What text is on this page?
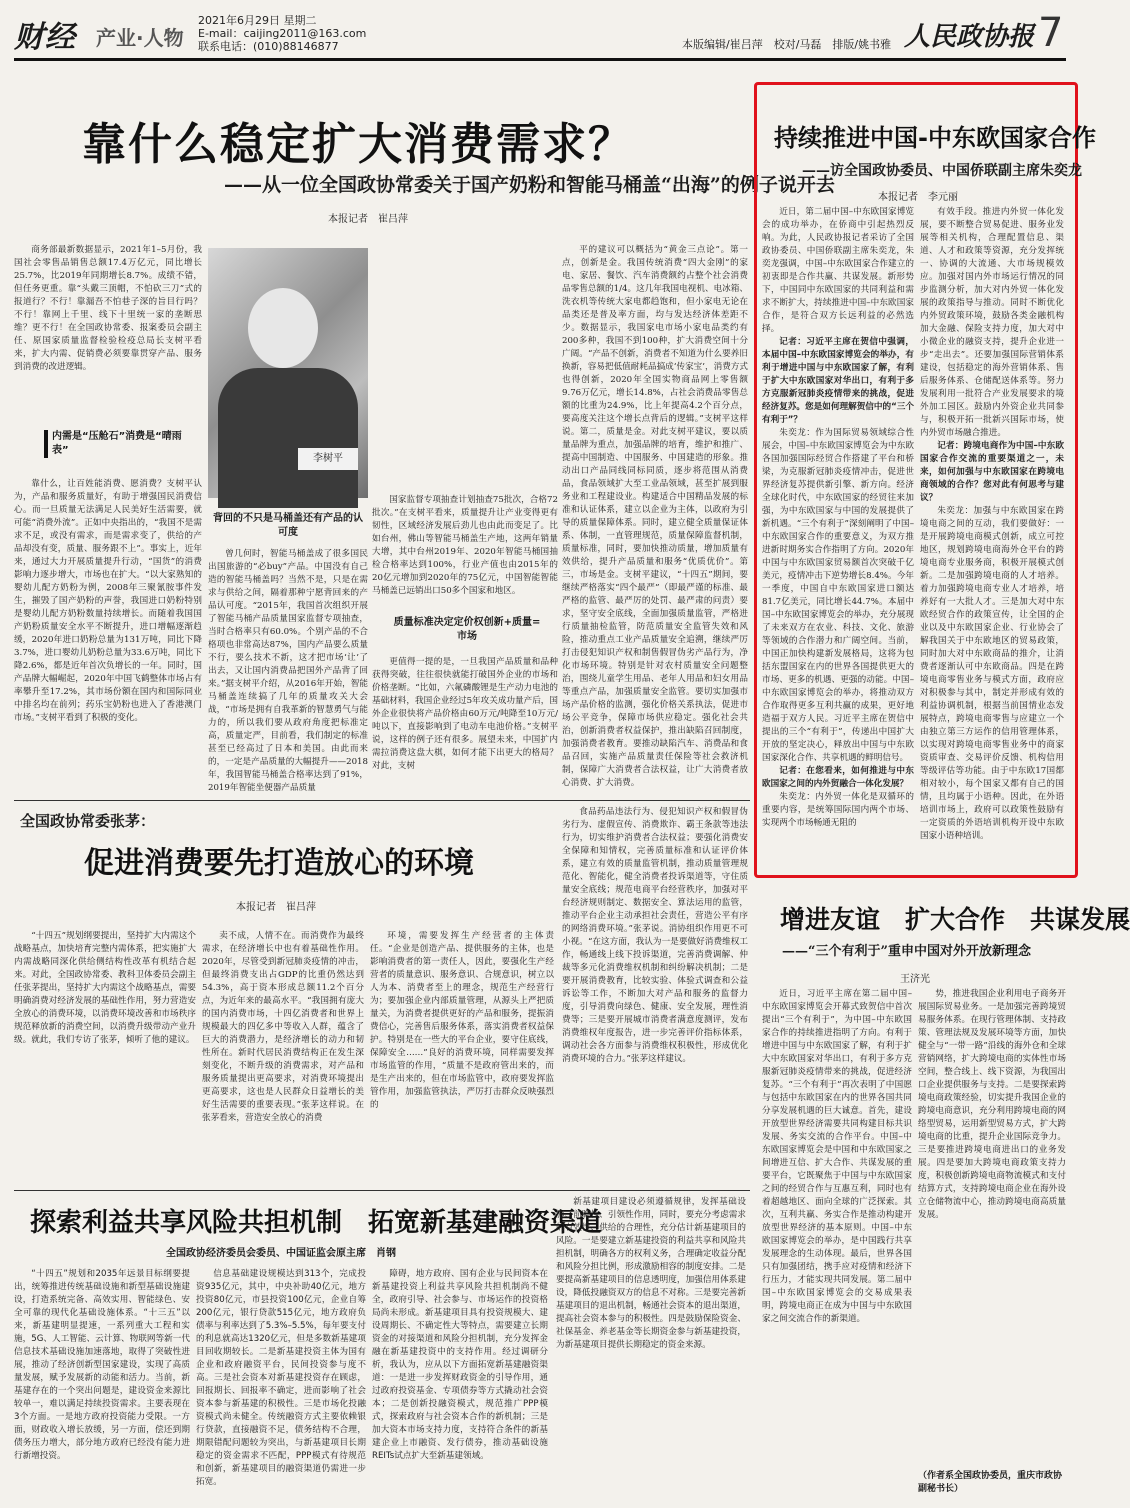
财经 产业·人物
2021年6月29日 星期二
E-mail：caijing2011@163.com
联系电话：(010)88146877	本版编辑/崔吕萍　校对/马磊　排版/姚书雅 人民政协报 7
靠什么稳定扩大消费需求？
——从一位全国政协常委关于国产奶粉和智能马桶盖“出海”的例子说开去
本报记者　崔吕萍

商务部最新数据显示，2021年1–5月份，我国社会零售品销售总额17.4万亿元，同比增长25.7%，比2019年同期增长8.7%。成绩不错，但任务更重。靠“头戴三顶帽，不怕砍三刀”式的报道行？不行！靠漏吾不怕巷子深的旨目行吗？不行！靠网上千里、线下十里统一家的垄断思维？更不行！在全国政协常委、报案委员会副主任、原国家质量监督检验检疫总局长支树平看来，扩大内需、促销费必须要靠贯穿产品、服务到消费的改进逻辑。

内需是“压舱石”消费是“晴雨表”

靠什么，让百姓能消费、愿消费？支树平认为，产品和服务质量好，有助于增强国民消费信心。而一旦质量无法满足人民美好生活需要，就可能“消费外流”。正如中央指出的，“我国不是需求不足，或没有需求，而是需求变了，供给的产品却没有变，质量、服务跟不上”。事实上，近年来，通过大力开展质量提升行动，“国货”的消费影响力逐步增大，市场也在扩大。“以大家熟知的婴幼儿配方奶粉为例，2008年三聚氰胺事件发生，摧毁了国产奶粉的声誉，我国进口奶粉特别是婴幼儿配方奶粉数量持续增长。而随着我国国产奶粉质量安全水平不断提升，进口增幅逐渐趋缓，2020年进口奶粉总量为131万吨，同比下降3.7%，进口婴幼儿奶粉总量为33.6万吨，同比下降2.6%，都是近年首次负增长的一年。同时，国产品牌大幅崛起，2020年中国飞鹤整体市场占有率攀升至17.2%，其市场份额在国内和国际同业中排名均在前列；药乐宝奶粉也进入了香港澳门市场。”支树平看到了积极的变化。

李树平
背回的不只是马桶盖还有产品的认可度

曾几何时，智能马桶盖成了很多国民出国旅游的“必buy”产品。中国没有自己造的智能马桶盖吗？当然不是，只是在需求与供给之间，隔着那种宁愿背回来的产品认可度。“2015年，我国首次组织开展了智能马桶产品质量国家监督专项抽查，当时合格率只有60.0%。个别产品的不合格项也非常高达87%，国内产品要么质量不行，要么技术不新，这才把市场‘让’了出去，又让国内消费品把国外产品背了回来。”据支树平介绍，从2016年开始，智能马桶盖连续搞了几年的质量攻关大会战，“市场是拥有自我革新的智慧勇气与能力的，所以我们要从政府角度把标准定高，质量定严，目前看，我们制定的标准甚至已经高过了日本和美国。由此而来的，一定是产品质量的大幅提升——2018年，我国智能马桶盖合格率达到了91%，2019年智能坐便器产品质量

国家监督专项抽查计划抽查75批次，合格72批次。”在支树平看来，质量提升让产业变得更有韧性，区域经济发展后劲儿也由此而变足了。比如台州，佛山等智能马桶盖生产地，这两年销量大增，其中台州2019年、2020年智能马桶国抽检合格率达到100%，行业产值也由2015年的20亿元增加到2020年的75亿元，中国智能智能马桶盖已远销出口50多个国家和地区。

质量标准决定定价权创新+质量=市场

更值得一提的是，一旦我国产品质量和品种获得突破，往往很快就能打破国外企业的市场和价格垄断。“比如，六氟磷酸锂是生产动力电池的基础材料，我国企业经过5年攻关成功量产后，国外企业很快将产品价格由60万元/吨降至10万元/吨以下，直接影响到了电动车电池价格。”支树平说，这样的例子还有很多。展望未来，中国扩内需拉消费这盘大棋，如何才能下出更大的格局？对此，支树

平的建议可以概括为“黄金三点论”。第一点，创新是金。我国传统消费“四大金刚”的家电、家居、餐饮、汽车消费额约占整个社会消费品零售总额的1/4。这几年我国电视机、电冰箱、洗衣机等传统大家电都趋饱和，但小家电无论在品类还是普及率方面，均与发达经济体差距不少。数据显示，我国家电市场小家电品类约有200多种，我国不到100种，扩大消费空间十分广阔。“产品不创新，消费者不知道为什么要养旧换新，容易把低值耐耗品搞成‘传家宝’，消费方式也得创新，2020年全国实物商品网上零售额9.76万亿元，增长14.8%，占社会消费品零售总额的比重为24.9%，比上年提高4.2个百分点，要高度关注这个增长点背后的逻辑。”支树平这样说。第二，质量是金。对此支树平建议，要以质量品牌为重点，加强品牌的培育，维护和推广、提高中国制造、中国服务、中国建造的形象。推动出口产品同线同标同质，逐步将范围从消费品，食品领域扩大至工业品领域，甚至扩展到服务业和工程建设业。构建适合中国精品发展的标准和认证体系，建立以企业为主体，以政府为引导的质量保障体系。同时，建立健全质量保证体系、体制，一直管理规范，质量保障监督机制，质量标准，同时，要加快推动质量，增加质量有效供给，提升产品质量和服务“优质优价”。第三，市场是金。支树平建议，“十四五”期间，要继续严格落实“四个最严”（即最严谨的标准、最严格的监管、最严厉的处罚、最严肃的问责）要求，坚守安全底线，全面加强质量监管，严格进行质量抽检监管，防范质量安全监管失效和风险，推动重点工业产品质量安全追溯，继续严厉打击侵犯知识产权和制售假冒伪劣产品行为，净化市场环境。特别是针对农村质量安全问题整治，围绕儿童学生用品、老年人用品和妇女用品等重点产品，加强质量安全监管。要切实加强市场产品价格的监测，强化价格关系执法，促进市场公平竞争，保障市场供应稳定。强化社会共治，创新消费者权益保护，推出缺陷召回制度，加强消费者教育。要推动缺陷汽车、消费品和食品召回，实施产品质量责任保险等社会救济机制，保障广大消费者合法权益，让广大消费者放心消费、扩大消费。

全国政协常委张茅：
促进消费要先打造放心的环境
本报记者　崔吕萍

“十四五”规划纲要提出，坚持扩大内需这个战略基点，加快培育完整内需体系，把实施扩大内需战略同深化供给侧结构性改革有机结合起来。对此，全国政协常委、教科卫体委员会副主任张茅提出，坚持扩大内需这个战略基点，需要明确消费对经济发展的基础性作用，努力营造安全放心的消费环境，以消费环境改善和市场秩序规范释放新的消费空间，以消费升级带动产业升级。就此，我们专访了张茅，倾听了他的建议。

卖不成，人情不在。而消费作为最终需求，在经济增长中也有着基础性作用。2020年，尽管受到新冠肺炎疫情的冲击，但最终消费支出占GDP的比重仍然达到54.3%，高于资本形成总额11.2个百分点，为近年来的最高水平。“我国拥有庞大的国内消费市场，十四亿消费者和世界上规模最大的四亿多中等收入人群，蕴含了巨大的消费潜力，是经济增长的动力和韧性所在。新时代居民消费结构正在发生深刻变化，不断升级的消费需求，对产品和服务质量提出更高要求，对消费环境提出更高要求，这也是人民群众日益增长的美好生活需要的重要表现。”张茅这样说。在张茅看来，营造安全放心的消费

环境，需要发挥生产经营者的主体责任。“企业是创造产品、提供服务的主体，也是影响消费者的第一责任人，因此，要强化生产经营者的质量意识、服务意识、合规意识，树立以人为本、消费者至上的理念，规范生产经营行为；要加强企业内部质量管理，从源头上严把质量关，为消费者提供更好的产品和服务，提振消费信心，完善售后服务体系，落实消费者权益保护。特别是在一些大的平台企业，要守住底线，保障安全……”良好的消费环境，同样需要发挥市场监管的作用，“质量不是政府管出来的，而是生产出来的，但在市场监管中，政府要发挥监管作用，加强监管执法，严厉打击群众反映强烈的

食品药品违法行为、侵犯知识产权和假冒伪劣行为、虚假宣传、消费欺诈、霸王条款等违法行为，切实维护消费者合法权益；要强化消费安全保障和知情权，完善质量标准和认证评价体系，建立有效的质量监管机制，推动质量管理规范化、智能化，健全消费者投诉渠道等，守住质量安全底线；规范电商平台经营秩序，加强对平台经济规则制定、数据安全、算法运用的监管，推动平台企业主动承担社会责任，营造公平有序的网络消费环境。”张茅说。消协组织作用更不可小视。“在这方面，我认为一是要做好消费维权工作，畅通线上线下投诉渠道，完善消费调解、仲裁等多元化消费维权机制和纠纷解决机制；二是要开展消费教育，比较实验、体验式调查和公益诉讼等工作，不断加大对产品和服务的监督力度，引导消费向绿色、健康、安全发展，理性消费等；三是要开展城市消费者满意度测评，发布消费维权年度报告，进一步完善评价指标体系，调动社会各方面参与消费维权积极性，形成优化消费环境的合力。”张茅这样建议。

探索利益共享风险共担机制　拓宽新基建融资渠道
全国政协经济委员会委员、中国证监会原主席　肖钢

“十四五”规划和2035年远景目标纲要提出，统筹推进传统基础设施和新型基础设施建设，打造系统完备、高效实用、智能绿色、安全可靠的现代化基础设施体系。“十三五”以来，新基建明显提速，一系列重大工程和实施，5G、人工智能、云计算、物联网等新一代信息技术基础设施加速落地，取得了突破性进展，推动了经济创新型国家建设，实现了高质量发展，赋予发展新的动能和活力。当前，新基建存在的一个突出问题是，建设资金来源比较单一，难以满足持续投资需求。主要表现在3个方面。一是地方政府投资能力受限。一方面，财政收入增长放缓，另一方面，偿还到期债务压力增大，部分地方政府已经没有能力进行新增投资。

信息基础建设规模达到313个，完成投资935亿元，其中，中央补助40亿元，地方投资80亿元，市县投资100亿元，企业自筹200亿元，银行贷款515亿元，地方政府负债率与利率达到了5.3%–5.5%，每年要支付的利息就高达1320亿元，但是多数新基建项目回收期较长。二是新基建投资主体为国有企业和政府融资平台，民间投资参与度不高。三是社会资本对新基建投资存在顾虑，回报期长、回报率不确定，进而影响了社会资本参与新基建的积极性。三是市场化投融资模式尚未健全。传统融资方式主要依赖银行贷款，直接融资不足，债务结构不合理，期限错配问题较为突出，与新基建项目长期稳定的资金需求不匹配，PPP模式有待规范和创新，新基建项目的融资渠道仍需进一步拓宽。

障碍，地方政府、国有企业与民间资本在新基建投资上利益共享风险共担机制尚不健全，政府引导、社会参与、市场运作的投资格局尚未形成。新基建项目具有投资规模大、建设周期长、不确定性大等特点，需要建立长期资金的对接渠道和风险分担机制，充分发挥金融在新基建投资中的支持作用。经过调研分析，我认为，应从以下方面拓宽新基建融资渠道：一是进一步发挥财政资金的引导作用，通过政府投资基金、专项债券等方式撬动社会资本；二是创新投融资模式，规范推广PPP模式，探索政府与社会资本合作的新机制；三是加大资本市场支持力度，支持符合条件的新基建企业上市融资、发行债券，推动基础设施REITs试点扩大至新基建领域。

新基建项目建设必须遵循规律，发挥基础设施、前瞻性、引领性作用，同时，要充分考虑需求的有效性、供给的合理性，充分估计新基建项目的风险。一是要建立新基建投资的利益共享和风险共担机制，明确各方的权利义务，合理确定收益分配和风险分担比例，形成激励相容的制度安排。二是要提高新基建项目的信息透明度，加强信用体系建设，降低投融资双方的信息不对称。三是要完善新基建项目的退出机制，畅通社会资本的退出渠道，提高社会资本参与的积极性。四是鼓励保险资金、社保基金、养老基金等长期资金参与新基建投资，为新基建项目提供长期稳定的资金来源。

持续推进中国-中东欧国家合作
——访全国政协委员、中国侨联副主席朱奕龙
本报记者　李元丽

近日，第二届中国–中东欧国家博览会的成功举办，在侨商中引起热烈反响。为此，人民政协报记者采访了全国政协委员、中国侨联副主席朱奕龙，朱奕龙强调，中国–中东欧国家合作建立的初衷即是合作共赢、共谋发展。新形势下，中国同中东欧国家的共同利益和需求不断扩大，持续推进中国–中东欧国家合作，是符合双方长远利益的必然选择。

记者：习近平主席在贺信中强调，本届中国–中东欧国家博览会的举办，有利于增进中国与中东欧国家了解，有利于扩大中东欧国家对华出口，有利于多方克服新冠肺炎疫情带来的挑战，促进经济复苏。您是如何理解贺信中的“三个有利于”？

朱奕龙：作为国际贸易领域综合性展会，中国–中东欧国家博览会为中东欧各国加强国际经贸合作搭建了平台和桥梁，为克服新冠肺炎疫情冲击，促进世界经济复苏提供新引擎、新方向。经济全球化时代，中东欧国家的经贸往来加强，为中东欧国家与中国的发展提供了新机遇。“三个有利于”深刻阐明了中国–中东欧国家合作的重要意义，为双方推进新时期务实合作指明了方向。2020年中国与中东欧国家贸易额首次突破千亿美元，疫情冲击下逆势增长8.4%。今年一季度，中国自中东欧国家进口额达81.7亿美元，同比增长44.7%。本届中国–中东欧国家博览会的举办，充分展现了未来双方在农业、科技、文化、旅游等领域的合作潜力和广阔空间。当前，中国正加快构建新发展格局，这将为包括东盟国家在内的世界各国提供更大的市场、更多的机遇、更强的动能。中国–中东欧国家博览会的举办，将推动双方合作取得更多互利共赢的成果，更好地造福于双方人民。习近平主席在贺信中提出的三个“有利于”，传递出中国扩大开放的坚定决心，释放出中国与中东欧国家深化合作、共享机遇的鲜明信号。

记者：在您看来，如何推进与中东欧国家之间的内外贸融合一体化发展？

朱奕龙：内外贸一体化是双循环的重要内容，是统筹国际国内两个市场、实现两个市场畅通无阻的

有效手段。推进内外贸一体化发展，要不断整合贸易促进、服务业发展等相关机构，合理配置信息、渠道、人才和政策等资源，充分发挥统一、协调的大流通、大市场规模效应。加强对国内外市场运行情况的同步监测分析，加大对内外贸一体化发展的政策指导与推动。同时不断优化内外贸政策环境，鼓励各类金融机构加大金融、保险支持力度，加大对中小微企业的融资支持，提升企业进一步“走出去”。还要加强国际营销体系建设，包括稳定的海外营销体系、售后服务体系、仓储配送体系等。努力发展利用一批符合产业发展要求的境外加工园区。鼓励内外资企业共同参与，积极开拓一批新兴国际市场，使内外贸市场融合推进。

记者：跨境电商作为中国–中东欧国家合作交流的重要渠道之一，未来，如何加强与中东欧国家在跨境电商领域的合作？您对此有何思考与建议？

朱奕龙：加强与中东欧国家在跨境电商之间的互动，我们要做好：一是开展跨境电商模式创新，成立可控地区，规划跨境电商海外仓平台的跨境电商专业服务商，积极开展模式创新。二是加强跨境电商的人才培养。着力加强跨境电商专业人才培养，培养好有一大批人才。三是加大对中东欧经贸合作的政策宣传，让全国的企业以及中东欧国家企业、行业协会了解我国关于中东欧地区的贸易政策，同时加大对中东欧商品的推介，让消费者逐渐认可中东欧商品。四是在跨境电商零售业务与模式方面，政府应对积极参与其中，制定并形成有效的利益协调机制，根据当前国情业态发展特点，跨境电商零售与应建立一个由独立第三方运作的信用管理体系，以实现对跨境电商零售业务中的商家资质审查、交易评价反馈、机构信用等级评估等功能。由于中东欧17国都相对较小，每个国家又都有自己的国情，且均属于小语种。因此，在外语培训市场上，政府可以政策性鼓励有一定资质的外语培训机构开设中东欧国家小语种培训。

增进友谊　扩大合作　共谋发展
——“三个有利于”重申中国对外开放新理念
王济光

近日，习近平主席在第二届中国–中东欧国家博览会开幕式致贺信中首次提出“三个有利于”，为中国–中东欧国家合作的持续推进指明了方向。有利于增进中国与中东欧国家了解，有利于扩大中东欧国家对华出口，有利于多方克服新冠肺炎疫情带来的挑战，促进经济复苏。“三个有利于”再次表明了中国愿与包括中东欧国家在内的世界各国共同分享发展机遇的巨大诚意。首先，建设开放型世界经济需要共同构建目标共识发展、务实交流的合作平台。中国–中东欧国家博览会是中国和中东欧国家之间增进互信、扩大合作、共谋发展的重要平台，它既聚焦于中国与中东欧国家之间的经贸合作与互惠互利，同时也有着超越地区、面向全球的广泛探索。其次，互利共赢、务实合作是推动构建开放型世界经济的基本原则。中国–中东欧国家博览会的举办，是中国践行共享发展理念的生动体现。最后，世界各国只有加强团结，携手应对疫情和经济下行压力，才能实现共同发展。第二届中国–中东欧国家博览会的交易成果表明，跨境电商正在成为中国与中东欧国家之间交流合作的新渠道。

势，推进我国企业利用电子商务开展国际贸易业务。一是加强完善跨境贸易服务体系。在现行管理体制、支持政策、管理法规及发展环境等方面，加快健全与“一带一路”沿线的海外仓和全球营销网络，扩大跨境电商的实体性市场空间，整合线上、线下资源，为我国出口企业提供服务与支持。二是要探索跨境电商政策经验，切实提升我国企业的跨境电商意识，充分利用跨境电商的网络型贸易，运用新型贸易方式，扩大跨境电商的比重，提升企业国际竞争力。三是要推进跨境电商进出口的业务发展。四是要加大跨境电商政策支持力度，积极创新跨境电商物流模式和支付结算方式，支持跨境电商企业在海外设立仓储物流中心，推动跨境电商高质量发展。

（作者系全国政协委员，重庆市政协副秘书长）
